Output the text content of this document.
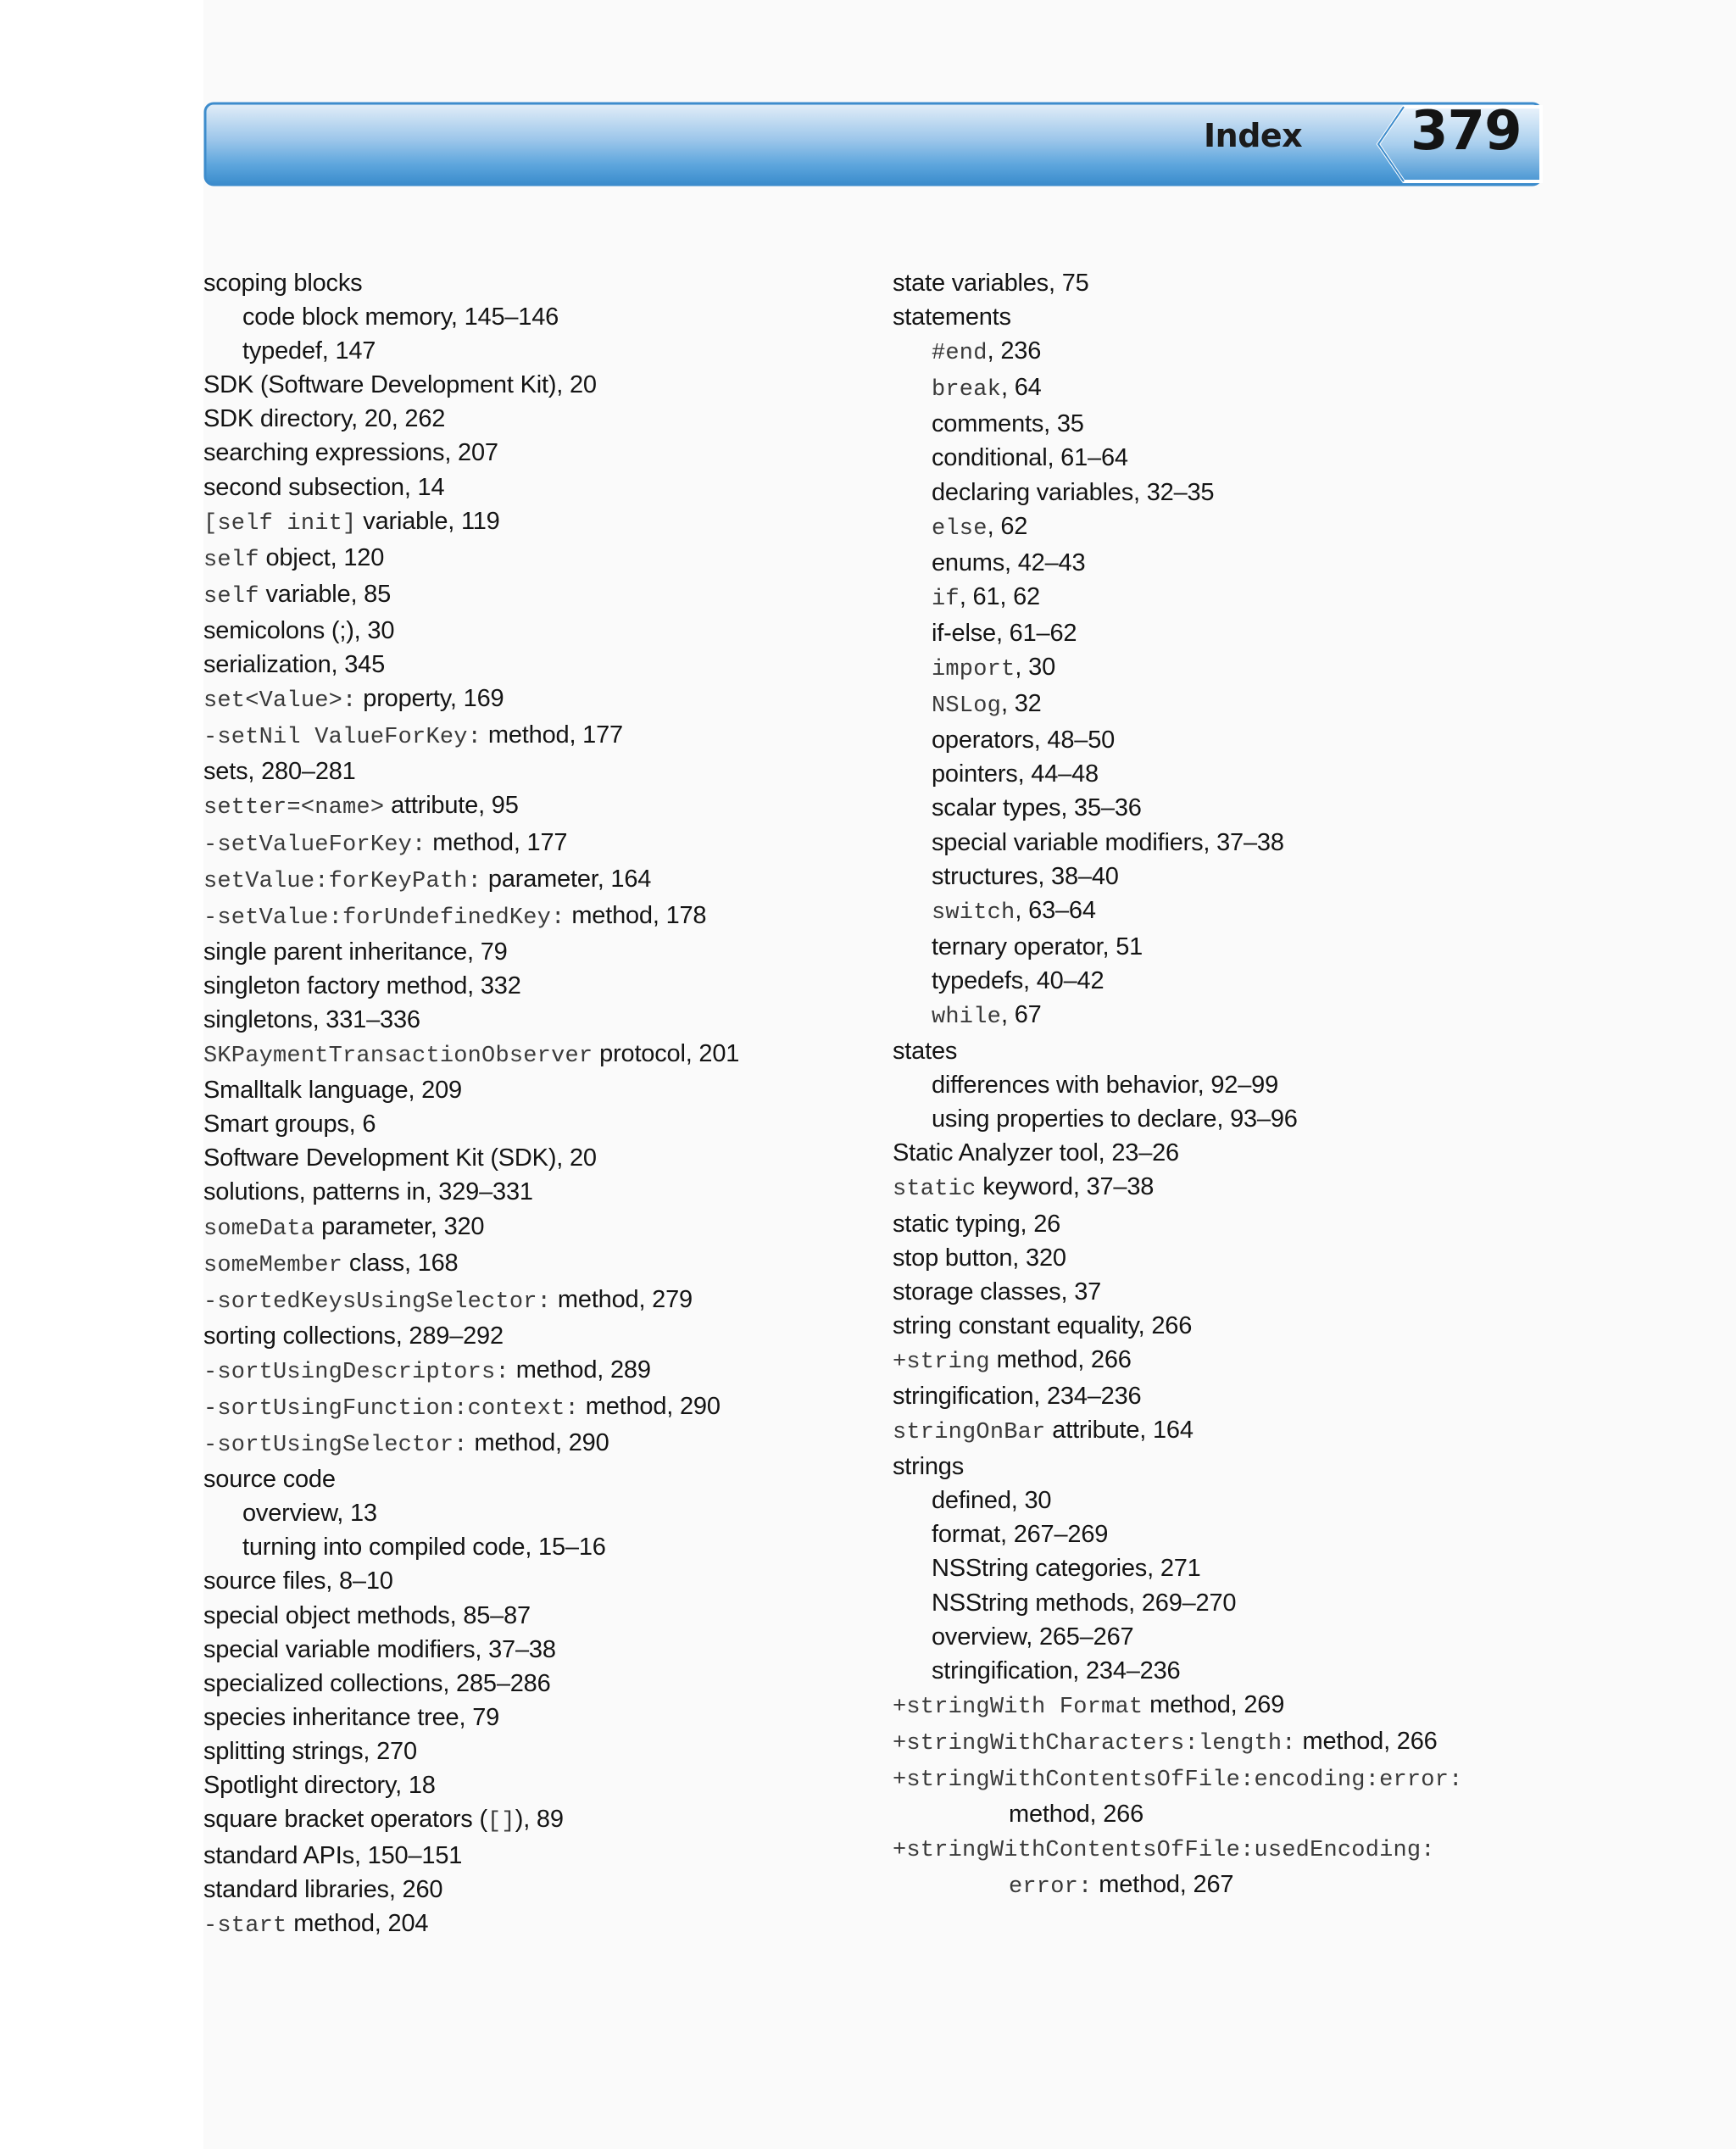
Index 379
scoping blocks
code block memory, 145–146
typedef, 147
SDK (Software Development Kit), 20
SDK directory, 20, 262
searching expressions, 207
second subsection, 14
[self init] variable, 119
self object, 120
self variable, 85
semicolons (;), 30
serialization, 345
set<Value>: property, 169
-setNil ValueForKey: method, 177
sets, 280–281
setter=<name> attribute, 95
-setValueForKey: method, 177
setValue:forKeyPath: parameter, 164
-setValue:forUndefinedKey: method, 178
single parent inheritance, 79
singleton factory method, 332
singletons, 331–336
SKPaymentTransactionObserver protocol, 201
Smalltalk language, 209
Smart groups, 6
Software Development Kit (SDK), 20
solutions, patterns in, 329–331
someData parameter, 320
someMember class, 168
-sortedKeysUsingSelector: method, 279
sorting collections, 289–292
-sortUsingDescriptors: method, 289
-sortUsingFunction:context: method, 290
-sortUsingSelector: method, 290
source code
overview, 13
turning into compiled code, 15–16
source files, 8–10
special object methods, 85–87
special variable modifiers, 37–38
specialized collections, 285–286
species inheritance tree, 79
splitting strings, 270
Spotlight directory, 18
square bracket operators ([]), 89
standard APIs, 150–151
standard libraries, 260
-start method, 204
state variables, 75
statements
#end, 236
break, 64
comments, 35
conditional, 61–64
declaring variables, 32–35
else, 62
enums, 42–43
if, 61, 62
if-else, 61–62
import, 30
NSLog, 32
operators, 48–50
pointers, 44–48
scalar types, 35–36
special variable modifiers, 37–38
structures, 38–40
switch, 63–64
ternary operator, 51
typedefs, 40–42
while, 67
states
differences with behavior, 92–99
using properties to declare, 93–96
Static Analyzer tool, 23–26
static keyword, 37–38
static typing, 26
stop button, 320
storage classes, 37
string constant equality, 266
+string method, 266
stringification, 234–236
stringOnBar attribute, 164
strings
defined, 30
format, 267–269
NSString categories, 271
NSString methods, 269–270
overview, 265–267
stringification, 234–236
+stringWith Format method, 269
+stringWithCharacters:length: method, 266
+stringWithContentsOfFile:encoding:error:
method, 266
+stringWithContentsOfFile:usedEncoding:
error: method, 267
